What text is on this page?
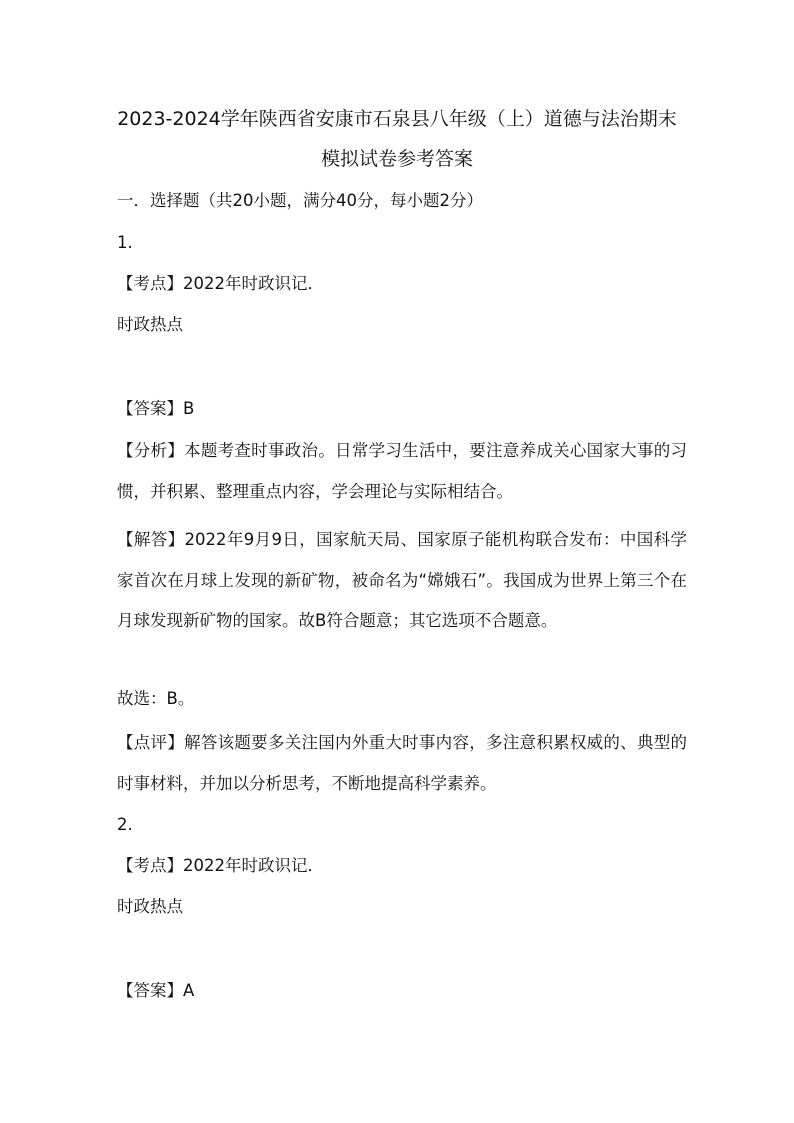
2023-2024学年陕西省安康市石泉县八年级（上）道德与法治期末
模拟试卷参考答案
一．选择题（共20小题，满分40分，每小题2分）
1.
【考点】2022年时政识记．
时政热点
【答案】B
【分析】本题考查时事政治。日常学习生活中，要注意养成关心国家大事的习惯，并积累、整理重点内容，学会理论与实际相结合。
【解答】2022年9月9日，国家航天局、国家原子能机构联合发布：中国科学家首次在月球上发现的新矿物，被命名为“嫦娥石”。我国成为世界上第三个在月球发现新矿物的国家。故B符合题意；其它选项不合题意。
故选：B。
【点评】解答该题要多关注国内外重大时事内容，多注意积累权威的、典型的时事材料，并加以分析思考，不断地提高科学素养。
2.
【考点】2022年时政识记．
时政热点
【答案】A
